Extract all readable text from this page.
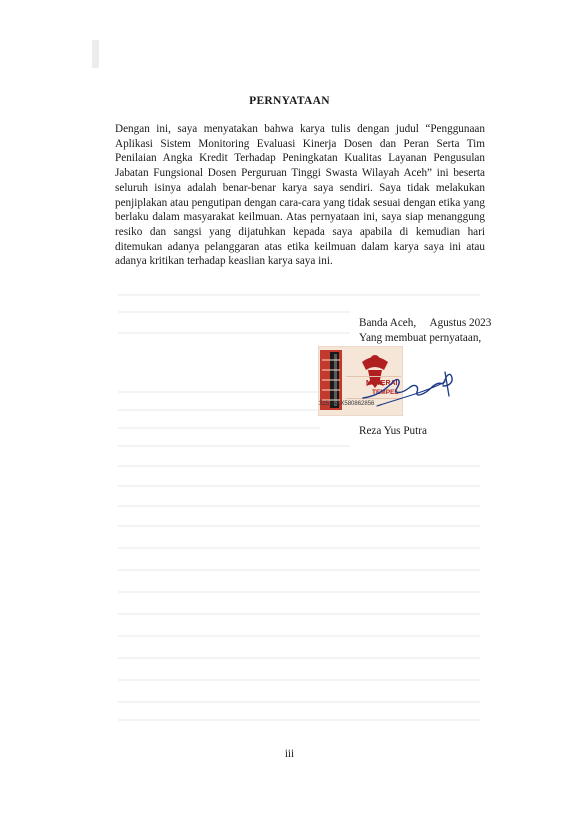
PERNYATAAN

Dengan ini, saya menyatakan bahwa karya tulis dengan judul “Penggunaan Aplikasi Sistem Monitoring Evaluasi Kinerja Dosen dan Peran Serta Tim Penilaian Angka Kredit Terhadap Peningkatan Kualitas Layanan Pengusulan Jabatan Fungsional Dosen Perguruan Tinggi Swasta Wilayah Aceh” ini beserta seluruh isinya adalah benar-benar karya saya sendiri. Saya tidak melakukan penjiplakan atau pengutipan dengan cara-cara yang tidak sesuai dengan etika yang berlaku dalam masyarakat keilmuan. Atas pernyataan ini, saya siap menanggung resiko dan sangsi yang dijatuhkan kepada saya apabila di kemudian hari ditemukan adanya pelanggaran atas etika keilmuan dalam karya saya ini atau adanya kritikan terhadap keaslian karya saya ini.

Banda Aceh,     Agustus 2023
Yang membuat pernyataan,
METERAI
TEMPEL
3251AKX580862856
Reza Yus Putra
iii
